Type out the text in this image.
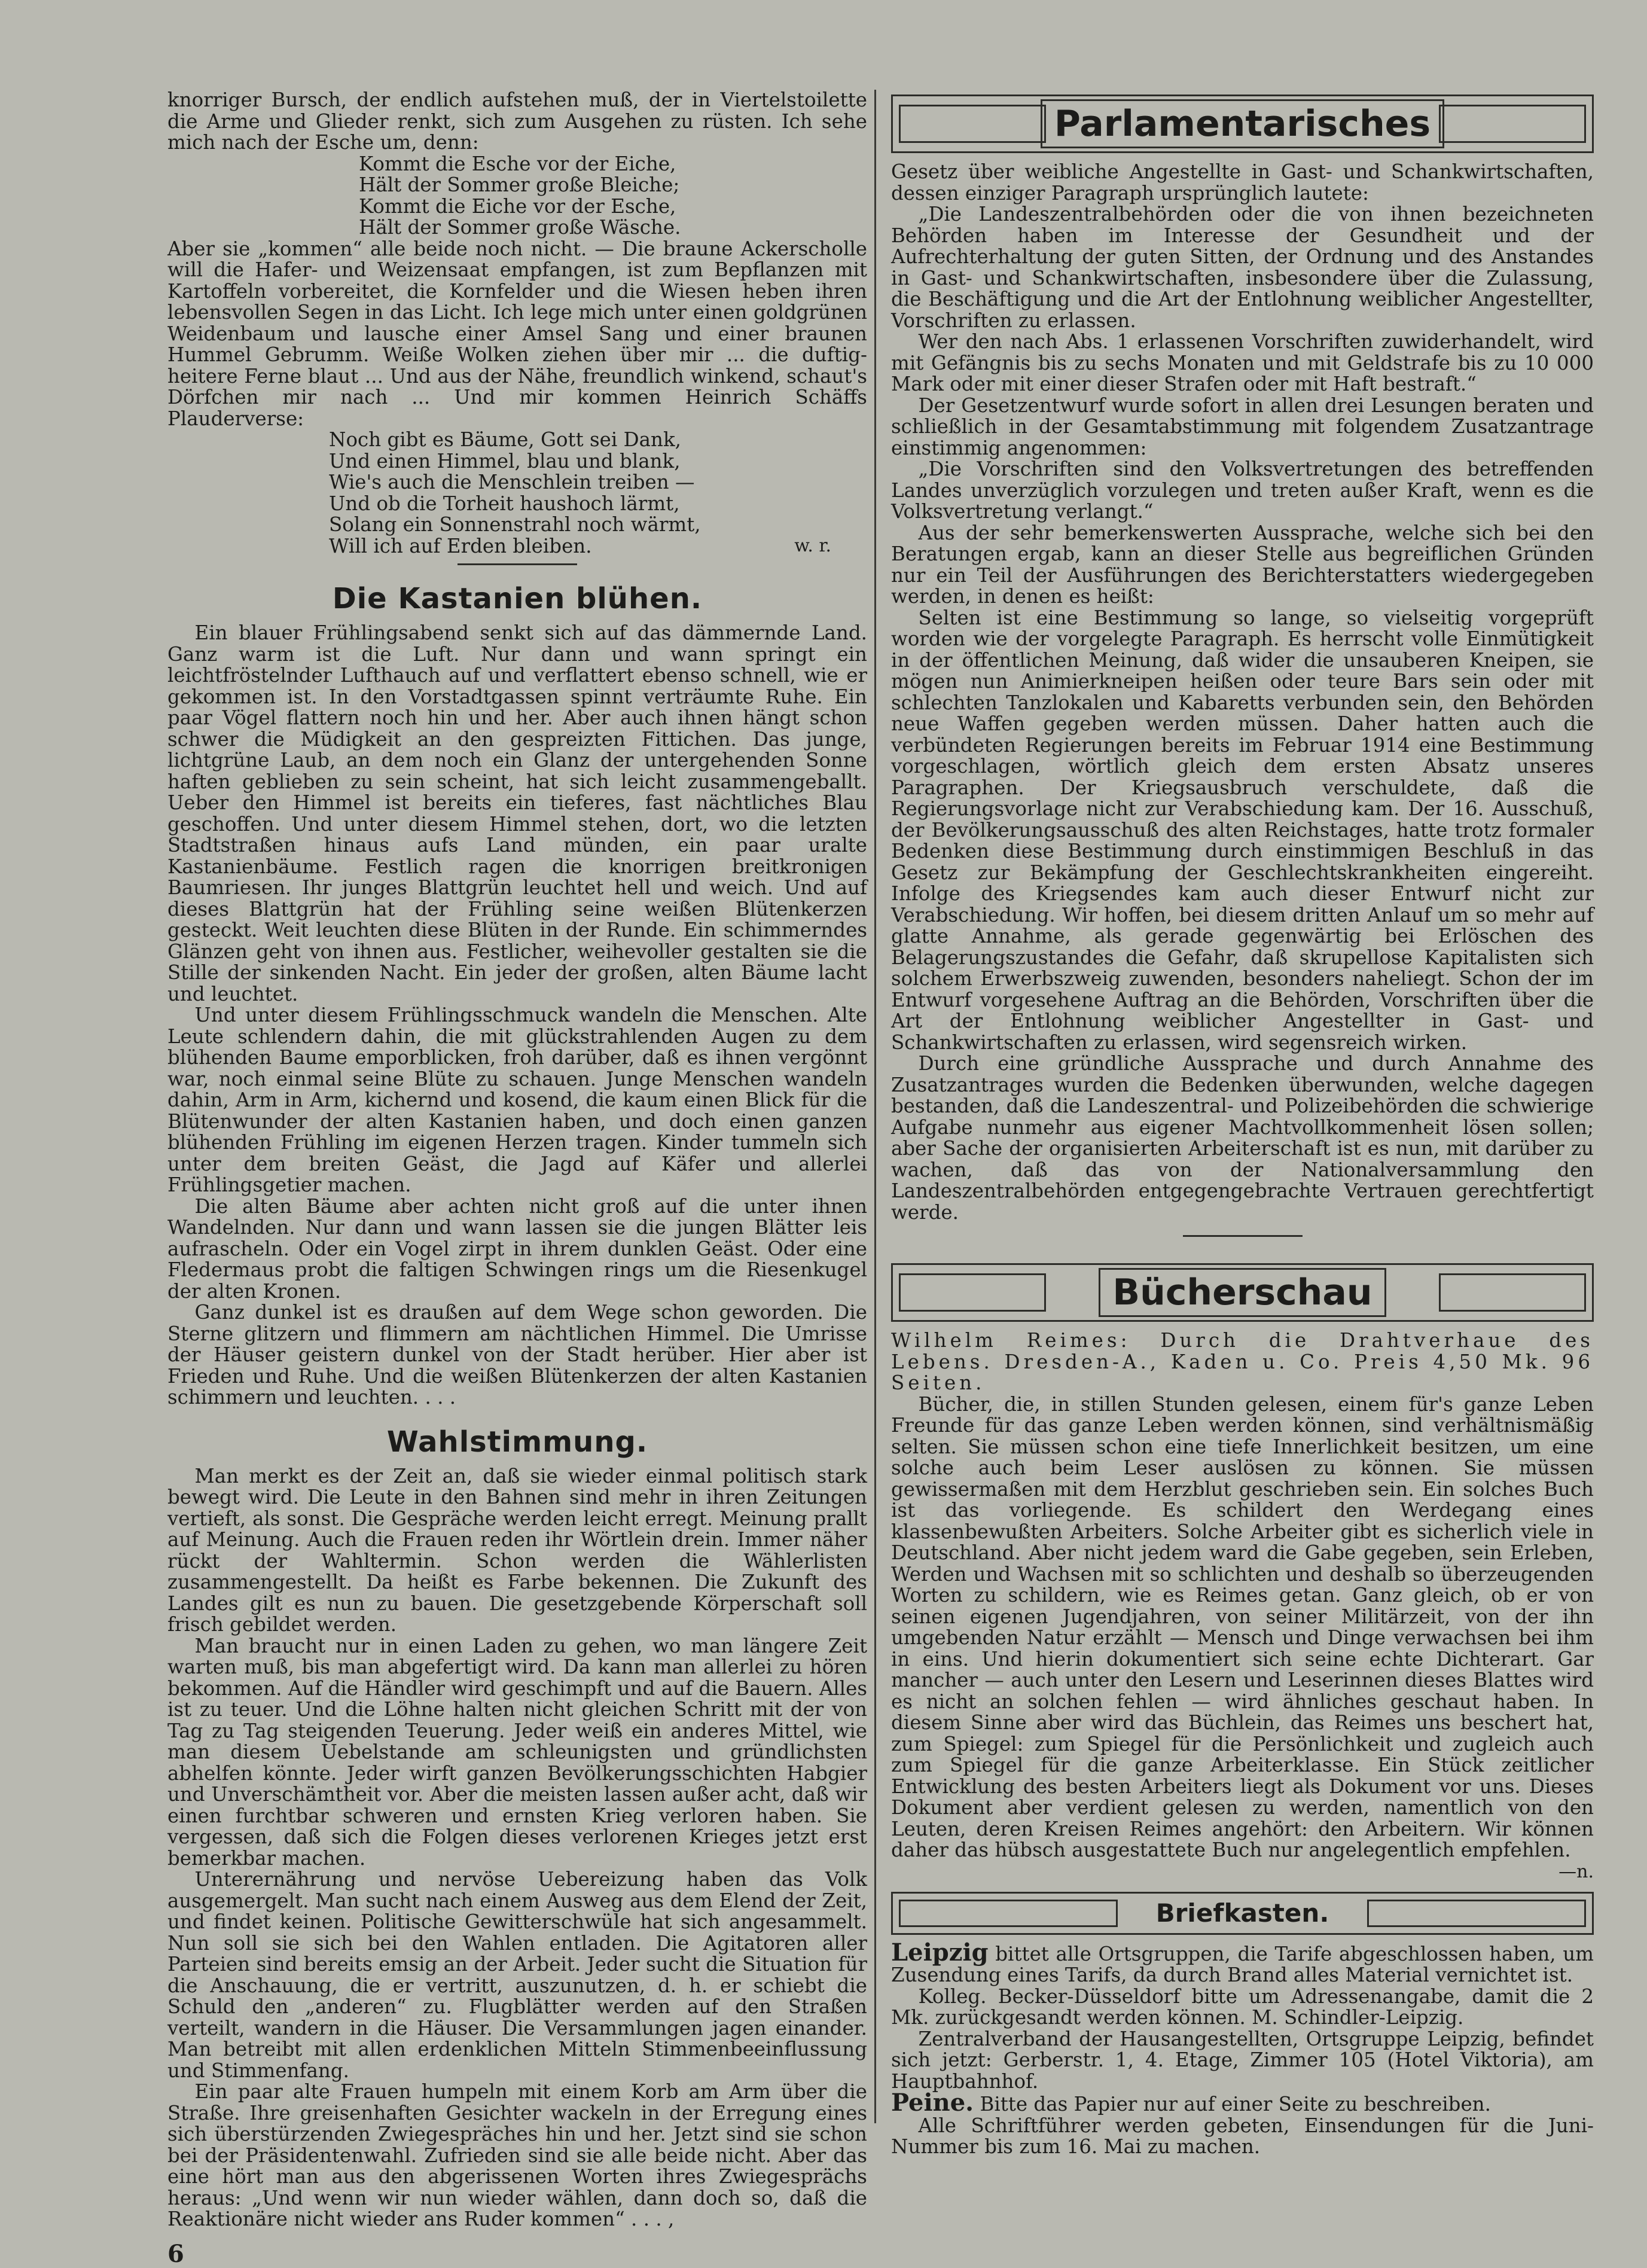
knorriger Bursch, der endlich aufstehen muß, der in Viertelstoilette die Arme und Glieder renkt, sich zum Ausgehen zu rüsten. Ich sehe mich nach der Esche um, denn:

Kommt die Esche vor der Eiche,
Hält der Sommer große Bleiche;
Kommt die Eiche vor der Esche,
Hält der Sommer große Wäsche.

Aber sie „kommen“ alle beide noch nicht. — Die braune Ackerscholle will die Hafer- und Weizensaat empfangen, ist zum Bepflanzen mit Kartoffeln vorbereitet, die Kornfelder und die Wiesen heben ihren lebensvollen Segen in das Licht. Ich lege mich unter einen goldgrünen Weidenbaum und lausche einer Amsel Sang und einer braunen Hummel Gebrumm. Weiße Wolken ziehen über mir ... die duftig-heitere Ferne blaut ... Und aus der Nähe, freundlich winkend, schaut's Dörfchen mir nach ... Und mir kommen Heinrich Schäffs Plauderverse:

Noch gibt es Bäume, Gott sei Dank,
Und einen Himmel, blau und blank,
Wie's auch die Menschlein treiben —
Und ob die Torheit haushoch lärmt,
Solang ein Sonnenstrahl noch wärmt,
Will ich auf Erden bleiben.	w. r.
Die Kastanien blühen.

Ein blauer Frühlingsabend senkt sich auf das dämmernde Land. Ganz warm ist die Luft. Nur dann und wann springt ein leichtfröstelnder Lufthauch auf und verflattert ebenso schnell, wie er gekommen ist. In den Vorstadtgassen spinnt verträumte Ruhe. Ein paar Vögel flattern noch hin und her. Aber auch ihnen hängt schon schwer die Müdigkeit an den gespreizten Fittichen. Das junge, lichtgrüne Laub, an dem noch ein Glanz der untergehenden Sonne haften geblieben zu sein scheint, hat sich leicht zusammengeballt. Ueber den Himmel ist bereits ein tieferes, fast nächtliches Blau geschoffen. Und unter diesem Himmel stehen, dort, wo die letzten Stadtstraßen hinaus aufs Land münden, ein paar uralte Kastanienbäume. Festlich ragen die knorrigen breitkronigen Baumriesen. Ihr junges Blattgrün leuchtet hell und weich. Und auf dieses Blattgrün hat der Frühling seine weißen Blütenkerzen gesteckt. Weit leuchten diese Blüten in der Runde. Ein schimmerndes Glänzen geht von ihnen aus. Festlicher, weihevoller gestalten sie die Stille der sinkenden Nacht. Ein jeder der großen, alten Bäume lacht und leuchtet.

Und unter diesem Frühlingsschmuck wandeln die Menschen. Alte Leute schlendern dahin, die mit glückstrahlenden Augen zu dem blühenden Baume emporblicken, froh darüber, daß es ihnen vergönnt war, noch einmal seine Blüte zu schauen. Junge Menschen wandeln dahin, Arm in Arm, kichernd und kosend, die kaum einen Blick für die Blütenwunder der alten Kastanien haben, und doch einen ganzen blühenden Frühling im eigenen Herzen tragen. Kinder tummeln sich unter dem breiten Geäst, die Jagd auf Käfer und allerlei Frühlingsgetier machen.

Die alten Bäume aber achten nicht groß auf die unter ihnen Wandelnden. Nur dann und wann lassen sie die jungen Blätter leis aufrascheln. Oder ein Vogel zirpt in ihrem dunklen Geäst. Oder eine Fledermaus probt die faltigen Schwingen rings um die Riesenkugel der alten Kronen.

Ganz dunkel ist es draußen auf dem Wege schon geworden. Die Sterne glitzern und flimmern am nächtlichen Himmel. Die Umrisse der Häuser geistern dunkel von der Stadt herüber. Hier aber ist Frieden und Ruhe. Und die weißen Blütenkerzen der alten Kastanien schimmern und leuchten. . . .

Wahlstimmung.

Man merkt es der Zeit an, daß sie wieder einmal politisch stark bewegt wird. Die Leute in den Bahnen sind mehr in ihren Zeitungen vertieft, als sonst. Die Gespräche werden leicht erregt. Meinung prallt auf Meinung. Auch die Frauen reden ihr Wörtlein drein. Immer näher rückt der Wahltermin. Schon werden die Wählerlisten zusammengestellt. Da heißt es Farbe bekennen. Die Zukunft des Landes gilt es nun zu bauen. Die gesetzgebende Körperschaft soll frisch gebildet werden.

Man braucht nur in einen Laden zu gehen, wo man längere Zeit warten muß, bis man abgefertigt wird. Da kann man allerlei zu hören bekommen. Auf die Händler wird geschimpft und auf die Bauern. Alles ist zu teuer. Und die Löhne halten nicht gleichen Schritt mit der von Tag zu Tag steigenden Teuerung. Jeder weiß ein anderes Mittel, wie man diesem Uebelstande am schleunigsten und gründlichsten abhelfen könnte. Jeder wirft ganzen Bevölkerungsschichten Habgier und Unverschämtheit vor. Aber die meisten lassen außer acht, daß wir einen furchtbar schweren und ernsten Krieg verloren haben. Sie vergessen, daß sich die Folgen dieses verlorenen Krieges jetzt erst bemerkbar machen.

Unterernährung und nervöse Uebereizung haben das Volk ausgemergelt. Man sucht nach einem Ausweg aus dem Elend der Zeit, und findet keinen. Politische Gewitterschwüle hat sich angesammelt. Nun soll sie sich bei den Wahlen entladen. Die Agitatoren aller Parteien sind bereits emsig an der Arbeit. Jeder sucht die Situation für die Anschauung, die er vertritt, auszunutzen, d. h. er schiebt die Schuld den „anderen“ zu. Flugblätter werden auf den Straßen verteilt, wandern in die Häuser. Die Versammlungen jagen einander. Man betreibt mit allen erdenklichen Mitteln Stimmenbeeinflussung und Stimmenfang.

Ein paar alte Frauen humpeln mit einem Korb am Arm über die Straße. Ihre greisenhaften Gesichter wackeln in der Erregung eines sich überstürzenden Zwiegespräches hin und her. Jetzt sind sie schon bei der Präsidentenwahl. Zufrieden sind sie alle beide nicht. Aber das eine hört man aus den abgerissenen Worten ihres Zwiegesprächs heraus: „Und wenn wir nun wieder wählen, dann doch so, daß die Reaktionäre nicht wieder ans Ruder kommen“ . . . ,

6
Parlamentarisches

Gesetz über weibliche Angestellte in Gast- und Schankwirtschaften, dessen einziger Paragraph ursprünglich lautete:

„Die Landeszentralbehörden oder die von ihnen bezeichneten Behörden haben im Interesse der Gesundheit und der Aufrechterhaltung der guten Sitten, der Ordnung und des Anstandes in Gast- und Schankwirtschaften, insbesondere über die Zulassung, die Beschäftigung und die Art der Entlohnung weiblicher Angestellter, Vorschriften zu erlassen.

Wer den nach Abs. 1 erlassenen Vorschriften zuwiderhandelt, wird mit Gefängnis bis zu sechs Monaten und mit Geldstrafe bis zu 10 000 Mark oder mit einer dieser Strafen oder mit Haft bestraft.“

Der Gesetzentwurf wurde sofort in allen drei Lesungen beraten und schließlich in der Gesamtabstimmung mit folgendem Zusatzantrage einstimmig angenommen:

„Die Vorschriften sind den Volksvertretungen des betreffenden Landes unverzüglich vorzulegen und treten außer Kraft, wenn es die Volksvertretung verlangt.“

Aus der sehr bemerkenswerten Aussprache, welche sich bei den Beratungen ergab, kann an dieser Stelle aus begreiflichen Gründen nur ein Teil der Ausführungen des Berichterstatters wiedergegeben werden, in denen es heißt:

Selten ist eine Bestimmung so lange, so vielseitig vorgeprüft worden wie der vorgelegte Paragraph. Es herrscht volle Einmütigkeit in der öffentlichen Meinung, daß wider die unsauberen Kneipen, sie mögen nun Animierkneipen heißen oder teure Bars sein oder mit schlechten Tanzlokalen und Kabaretts verbunden sein, den Behörden neue Waffen gegeben werden müssen. Daher hatten auch die verbündeten Regierungen bereits im Februar 1914 eine Bestimmung vorgeschlagen, wörtlich gleich dem ersten Absatz unseres Paragraphen. Der Kriegsausbruch verschuldete, daß die Regierungsvorlage nicht zur Verabschiedung kam. Der 16. Ausschuß, der Bevölkerungsausschuß des alten Reichstages, hatte trotz formaler Bedenken diese Bestimmung durch einstimmigen Beschluß in das Gesetz zur Bekämpfung der Geschlechtskrankheiten eingereiht. Infolge des Kriegsendes kam auch dieser Entwurf nicht zur Verabschiedung. Wir hoffen, bei diesem dritten Anlauf um so mehr auf glatte Annahme, als gerade gegenwärtig bei Erlöschen des Belagerungszustandes die Gefahr, daß skrupellose Kapitalisten sich solchem Erwerbszweig zuwenden, besonders naheliegt. Schon der im Entwurf vorgesehene Auftrag an die Behörden, Vorschriften über die Art der Entlohnung weiblicher Angestellter in Gast- und Schankwirtschaften zu erlassen, wird segensreich wirken.

Durch eine gründliche Aussprache und durch Annahme des Zusatzantrages wurden die Bedenken überwunden, welche dagegen bestanden, daß die Landeszentral- und Polizeibehörden die schwierige Aufgabe nunmehr aus eigener Machtvollkommenheit lösen sollen; aber Sache der organisierten Arbeiterschaft ist es nun, mit darüber zu wachen, daß das von der Nationalversammlung den Landeszentralbehörden entgegengebrachte Vertrauen gerechtfertigt werde.

Bücherschau

Wilhelm Reimes: Durch die Drahtverhaue des Lebens. Dresden-A., Kaden u. Co. Preis 4,50 Mk. 96 Seiten.

Bücher, die, in stillen Stunden gelesen, einem für's ganze Leben Freunde für das ganze Leben werden können, sind verhältnismäßig selten. Sie müssen schon eine tiefe Innerlichkeit besitzen, um eine solche auch beim Leser auslösen zu können. Sie müssen gewissermaßen mit dem Herzblut geschrieben sein. Ein solches Buch ist das vorliegende. Es schildert den Werdegang eines klassenbewußten Arbeiters. Solche Arbeiter gibt es sicherlich viele in Deutschland. Aber nicht jedem ward die Gabe gegeben, sein Erleben, Werden und Wachsen mit so schlichten und deshalb so überzeugenden Worten zu schildern, wie es Reimes getan. Ganz gleich, ob er von seinen eigenen Jugendjahren, von seiner Militärzeit, von der ihn umgebenden Natur erzählt — Mensch und Dinge verwachsen bei ihm in eins. Und hierin dokumentiert sich seine echte Dichterart. Gar mancher — auch unter den Lesern und Leserinnen dieses Blattes wird es nicht an solchen fehlen — wird ähnliches geschaut haben. In diesem Sinne aber wird das Büchlein, das Reimes uns beschert hat, zum Spiegel: zum Spiegel für die Persönlichkeit und zugleich auch zum Spiegel für die ganze Arbeiterklasse. Ein Stück zeitlicher Entwicklung des besten Arbeiters liegt als Dokument vor uns. Dieses Dokument aber verdient gelesen zu werden, namentlich von den Leuten, deren Kreisen Reimes angehört: den Arbeitern. Wir können daher das hübsch ausgestattete Buch nur angelegentlich empfehlen.

—n.
Briefkasten.

Leipzig bittet alle Ortsgruppen, die Tarife abgeschlossen haben, um Zusendung eines Tarifs, da durch Brand alles Material vernichtet ist.

Kolleg. Becker-Düsseldorf bitte um Adressenangabe, damit die 2 Mk. zurückgesandt werden können. M. Schindler-Leipzig.

Zentralverband der Hausangestellten, Ortsgruppe Leipzig, befindet sich jetzt: Gerberstr. 1, 4. Etage, Zimmer 105 (Hotel Viktoria), am Hauptbahnhof.

Peine. Bitte das Papier nur auf einer Seite zu beschreiben.

Alle Schriftführer werden gebeten, Einsendungen für die Juni-Nummer bis zum 16. Mai zu machen.
